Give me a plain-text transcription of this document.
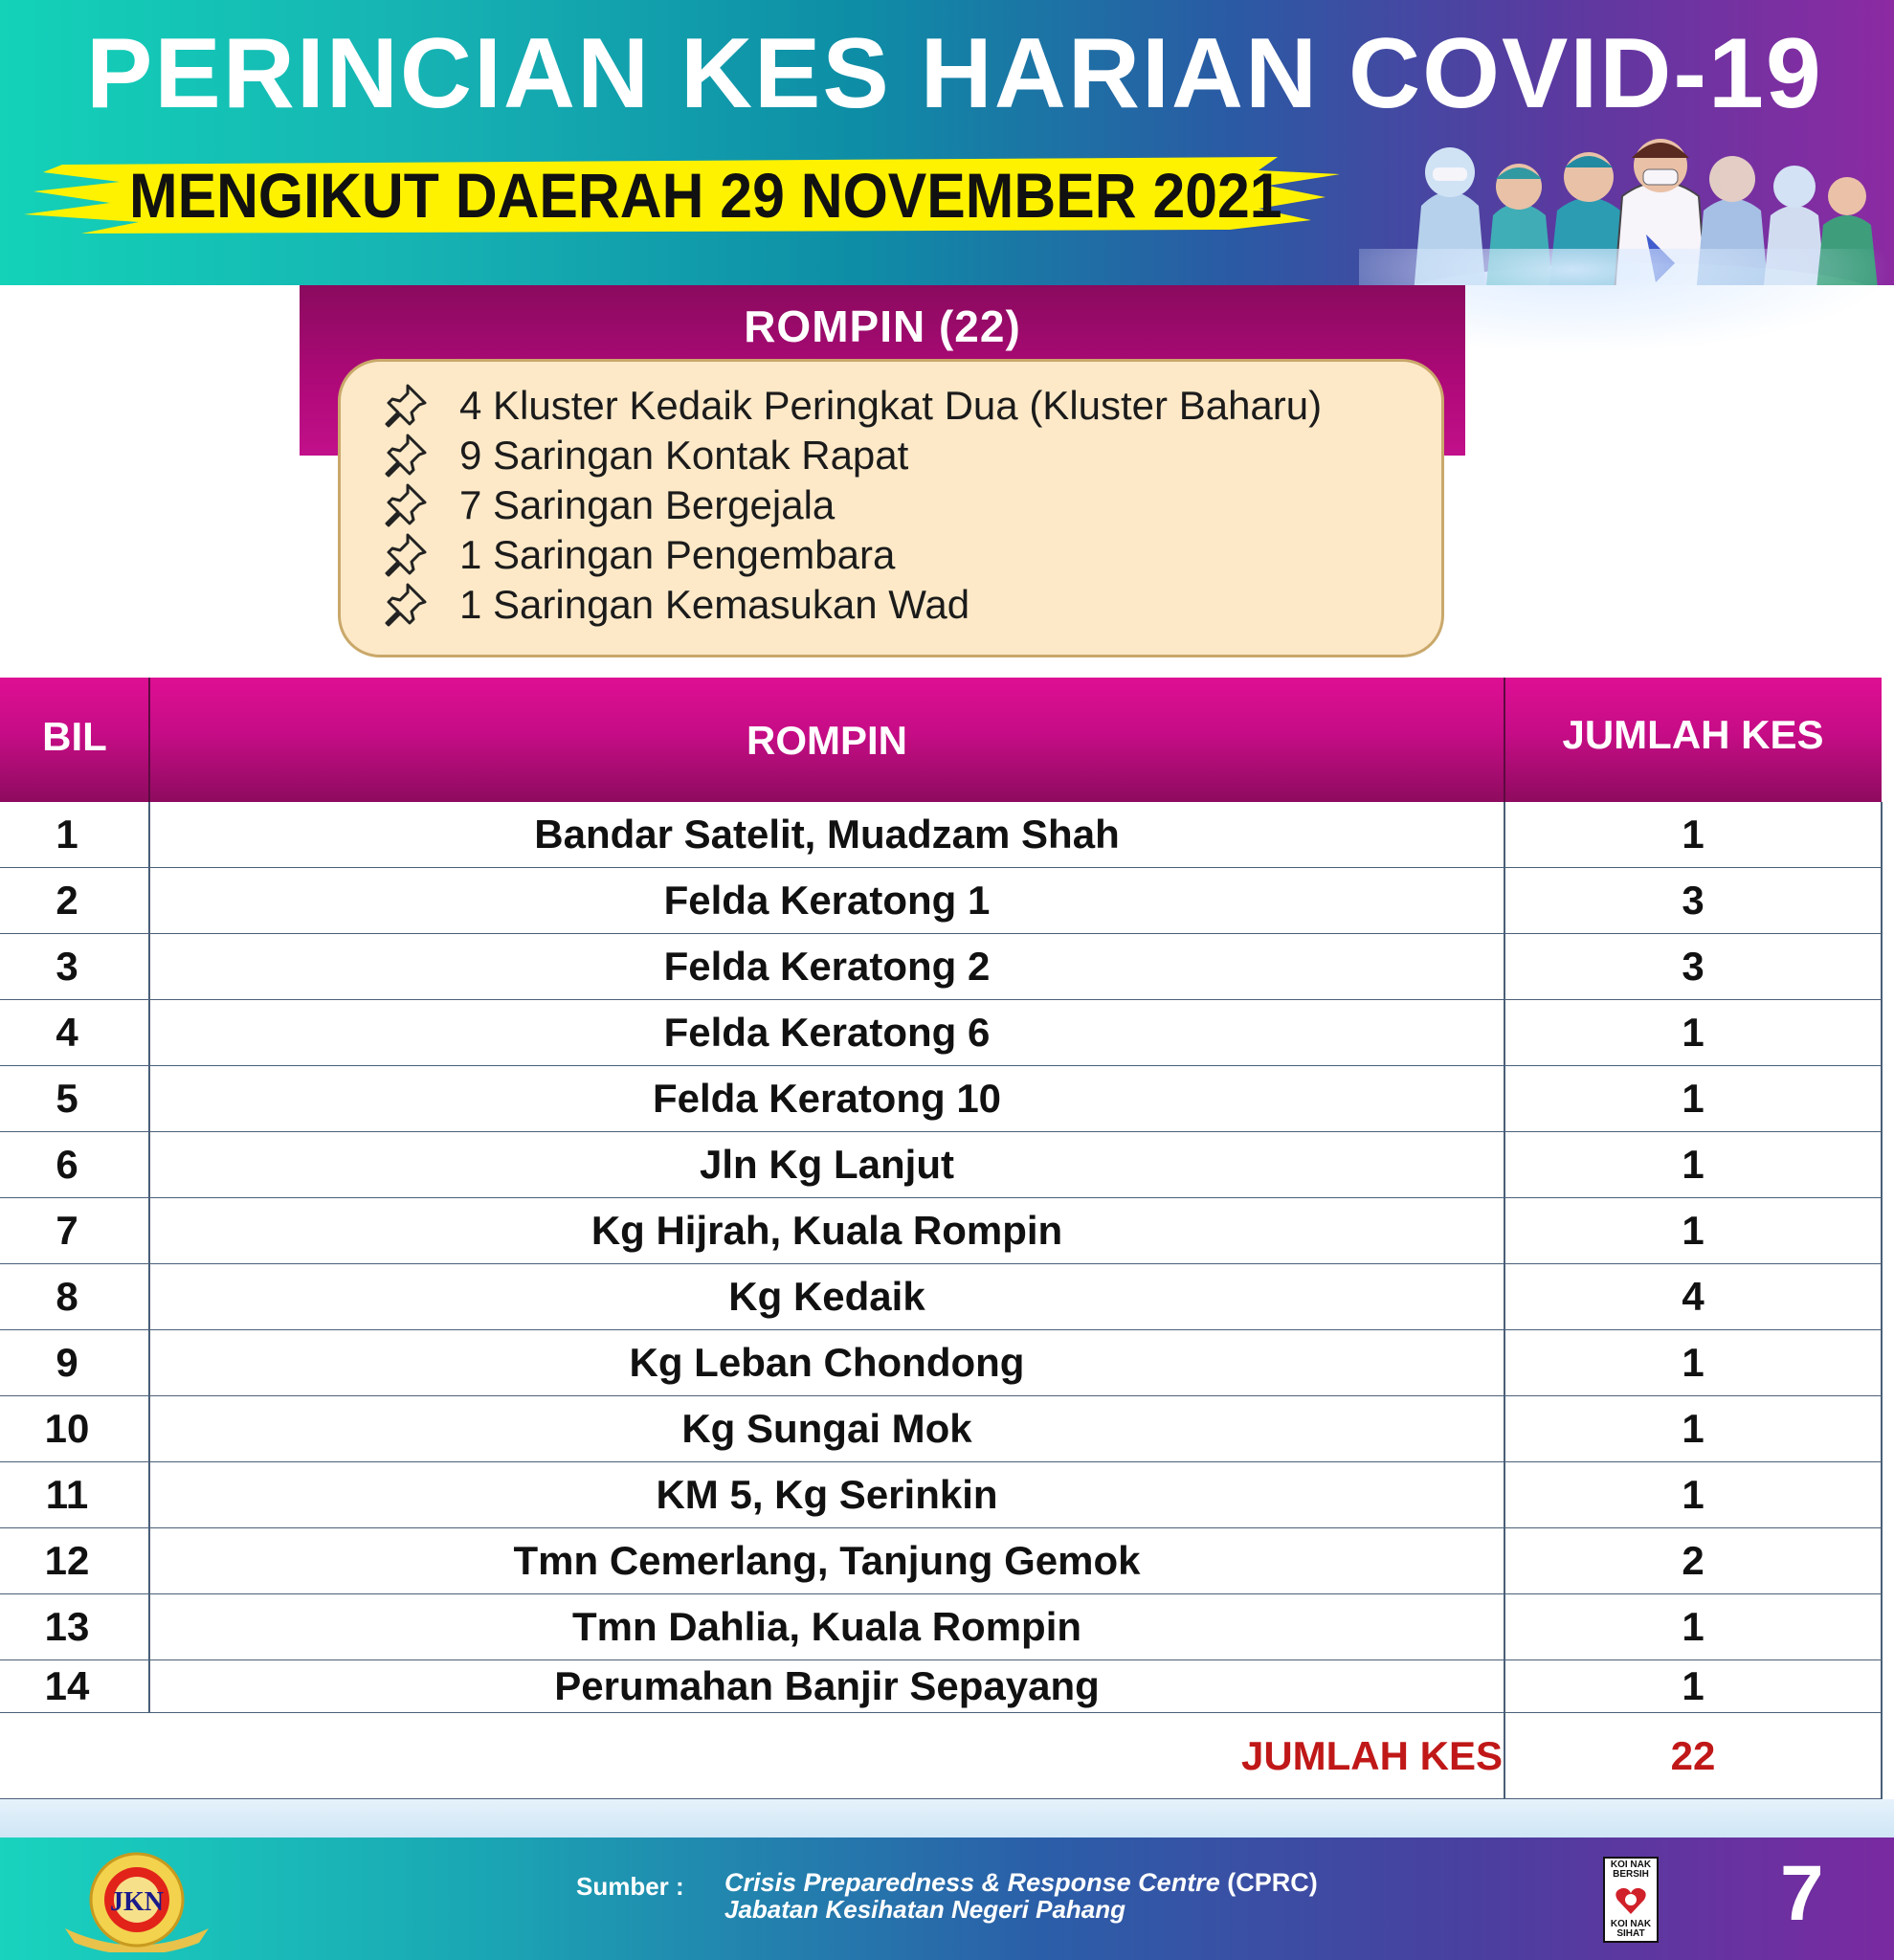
PERINCIAN KES HARIAN COVID-19
MENGIKUT DAERAH 29 NOVEMBER 2021
ROMPIN (22)
4 Kluster Kedaik Peringkat Dua (Kluster Baharu)
9 Saringan Kontak Rapat
7 Saringan Bergejala
1 Saringan Pengembara
1 Saringan Kemasukan Wad
BIL	ROMPIN	JUMLAH KES
1	Bandar Satelit, Muadzam Shah	1
2	Felda Keratong 1	3
3	Felda Keratong 2	3
4	Felda Keratong 6	1
5	Felda Keratong 10	1
6	Jln Kg Lanjut	1
7	Kg Hijrah, Kuala Rompin	1
8	Kg Kedaik	4
9	Kg Leban Chondong	1
10	Kg Sungai Mok	1
11	KM 5, Kg Serinkin	1
12	Tmn Cemerlang, Tanjung Gemok	2
13	Tmn Dahlia, Kuala Rompin	1
14	Perumahan Banjir Sepayang	1
JUMLAH KES	22
JKN
Sumber : Crisis Preparedness & Response Centre (CPRC)
Jabatan Kesihatan Negeri Pahang
KOI NAK BERSIH
KOI NAK SIHAT 7
